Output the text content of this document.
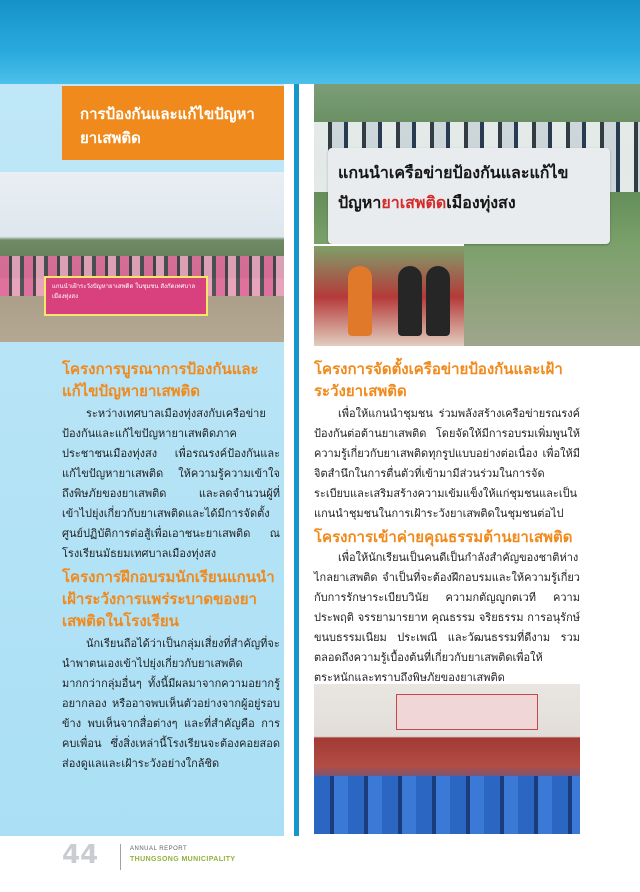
การป้องกันและแก้ไขปัญหายาเสพติด
แกนนำเฝ้าระวังปัญหายาเสพติด ในชุมชน สังกัดเทศบาลเมืองทุ่งสง
แกนนำเครือข่ายป้องกันและแก้ไข
ปัญหายาเสพติดเมืองทุ่งสง
โครงการบูรณาการป้องกันและแก้ไขปัญหายาเสพติด
ระหว่างเทศบาลเมืองทุ่งสงกับเครือข่ายป้องกันและแก้ไขปัญหายาเสพติดภาคประชาชนเมืองทุ่งสง เพื่อรณรงค์ป้องกันและแก้ไขปัญหายาเสพติด ให้ความรู้ความเข้าใจถึงพิษภัยของยาเสพติด และลดจำนวนผู้ที่เข้าไปยุ่งเกี่ยวกับยาเสพติดและได้มีการจัดตั้งศูนย์ปฏิบัติการต่อสู้เพื่อเอาชนะยาเสพติด ณ โรงเรียนมัธยมเทศบาลเมืองทุ่งสง
โครงการฝึกอบรมนักเรียนแกนนำเฝ้าระวังการแพร่ระบาดของยาเสพติดในโรงเรียน
นักเรียนถือได้ว่าเป็นกลุ่มเสี่ยงที่สำคัญที่จะนำพาตนเองเข้าไปยุ่งเกี่ยวกับยาเสพติดมากกว่ากลุ่มอื่นๆ ทั้งนี้มีผลมาจากความอยากรู้ อยากลอง หรืออาจพบเห็นตัวอย่างจากผู้อยู่รอบข้าง พบเห็นจากสื่อต่างๆ และที่สำคัญคือ การคบเพื่อน ซึ่งสิ่งเหล่านี้โรงเรียนจะต้องคอยสอดส่องดูแลและเฝ้าระวังอย่างใกล้ชิด
โครงการจัดตั้งเครือข่ายป้องกันและเฝ้าระวังยาเสพติด
เพื่อให้แกนนำชุมชน ร่วมพลังสร้างเครือข่ายรณรงค์ป้องกันต่อต้านยาเสพติด โดยจัดให้มีการอบรมเพิ่มพูนให้ความรู้เกี่ยวกับยาเสพติดทุกรูปแบบอย่างต่อเนื่อง เพื่อให้มีจิตสำนึกในการตื่นตัวที่เข้ามามีส่วนร่วมในการจัดระเบียบและเสริมสร้างความเข้มแข็งให้แก่ชุมชนและเป็นแกนนำชุมชนในการเฝ้าระวังยาเสพติดในชุมชนต่อไป
โครงการเข้าค่ายคุณธรรมต้านยาเสพติด
เพื่อให้นักเรียนเป็นคนดีเป็นกำลังสำคัญของชาติห่างไกลยาเสพติด จำเป็นที่จะต้องฝึกอบรมและให้ความรู้เกี่ยวกับการรักษาระเบียบวินัย ความกตัญญูกตเวที ความประพฤติ จรรยามารยาท คุณธรรม จริยธรรม การอนุรักษ์ขนบธรรมเนียม ประเพณี และวัฒนธรรมที่ดีงาม รวมตลอดถึงความรู้เบื้องต้นที่เกี่ยวกับยาเสพติดเพื่อให้ตระหนักและทราบถึงพิษภัยของยาเสพติด
44	ANNUAL REPORT
THUNGSONG MUNICIPALITY
